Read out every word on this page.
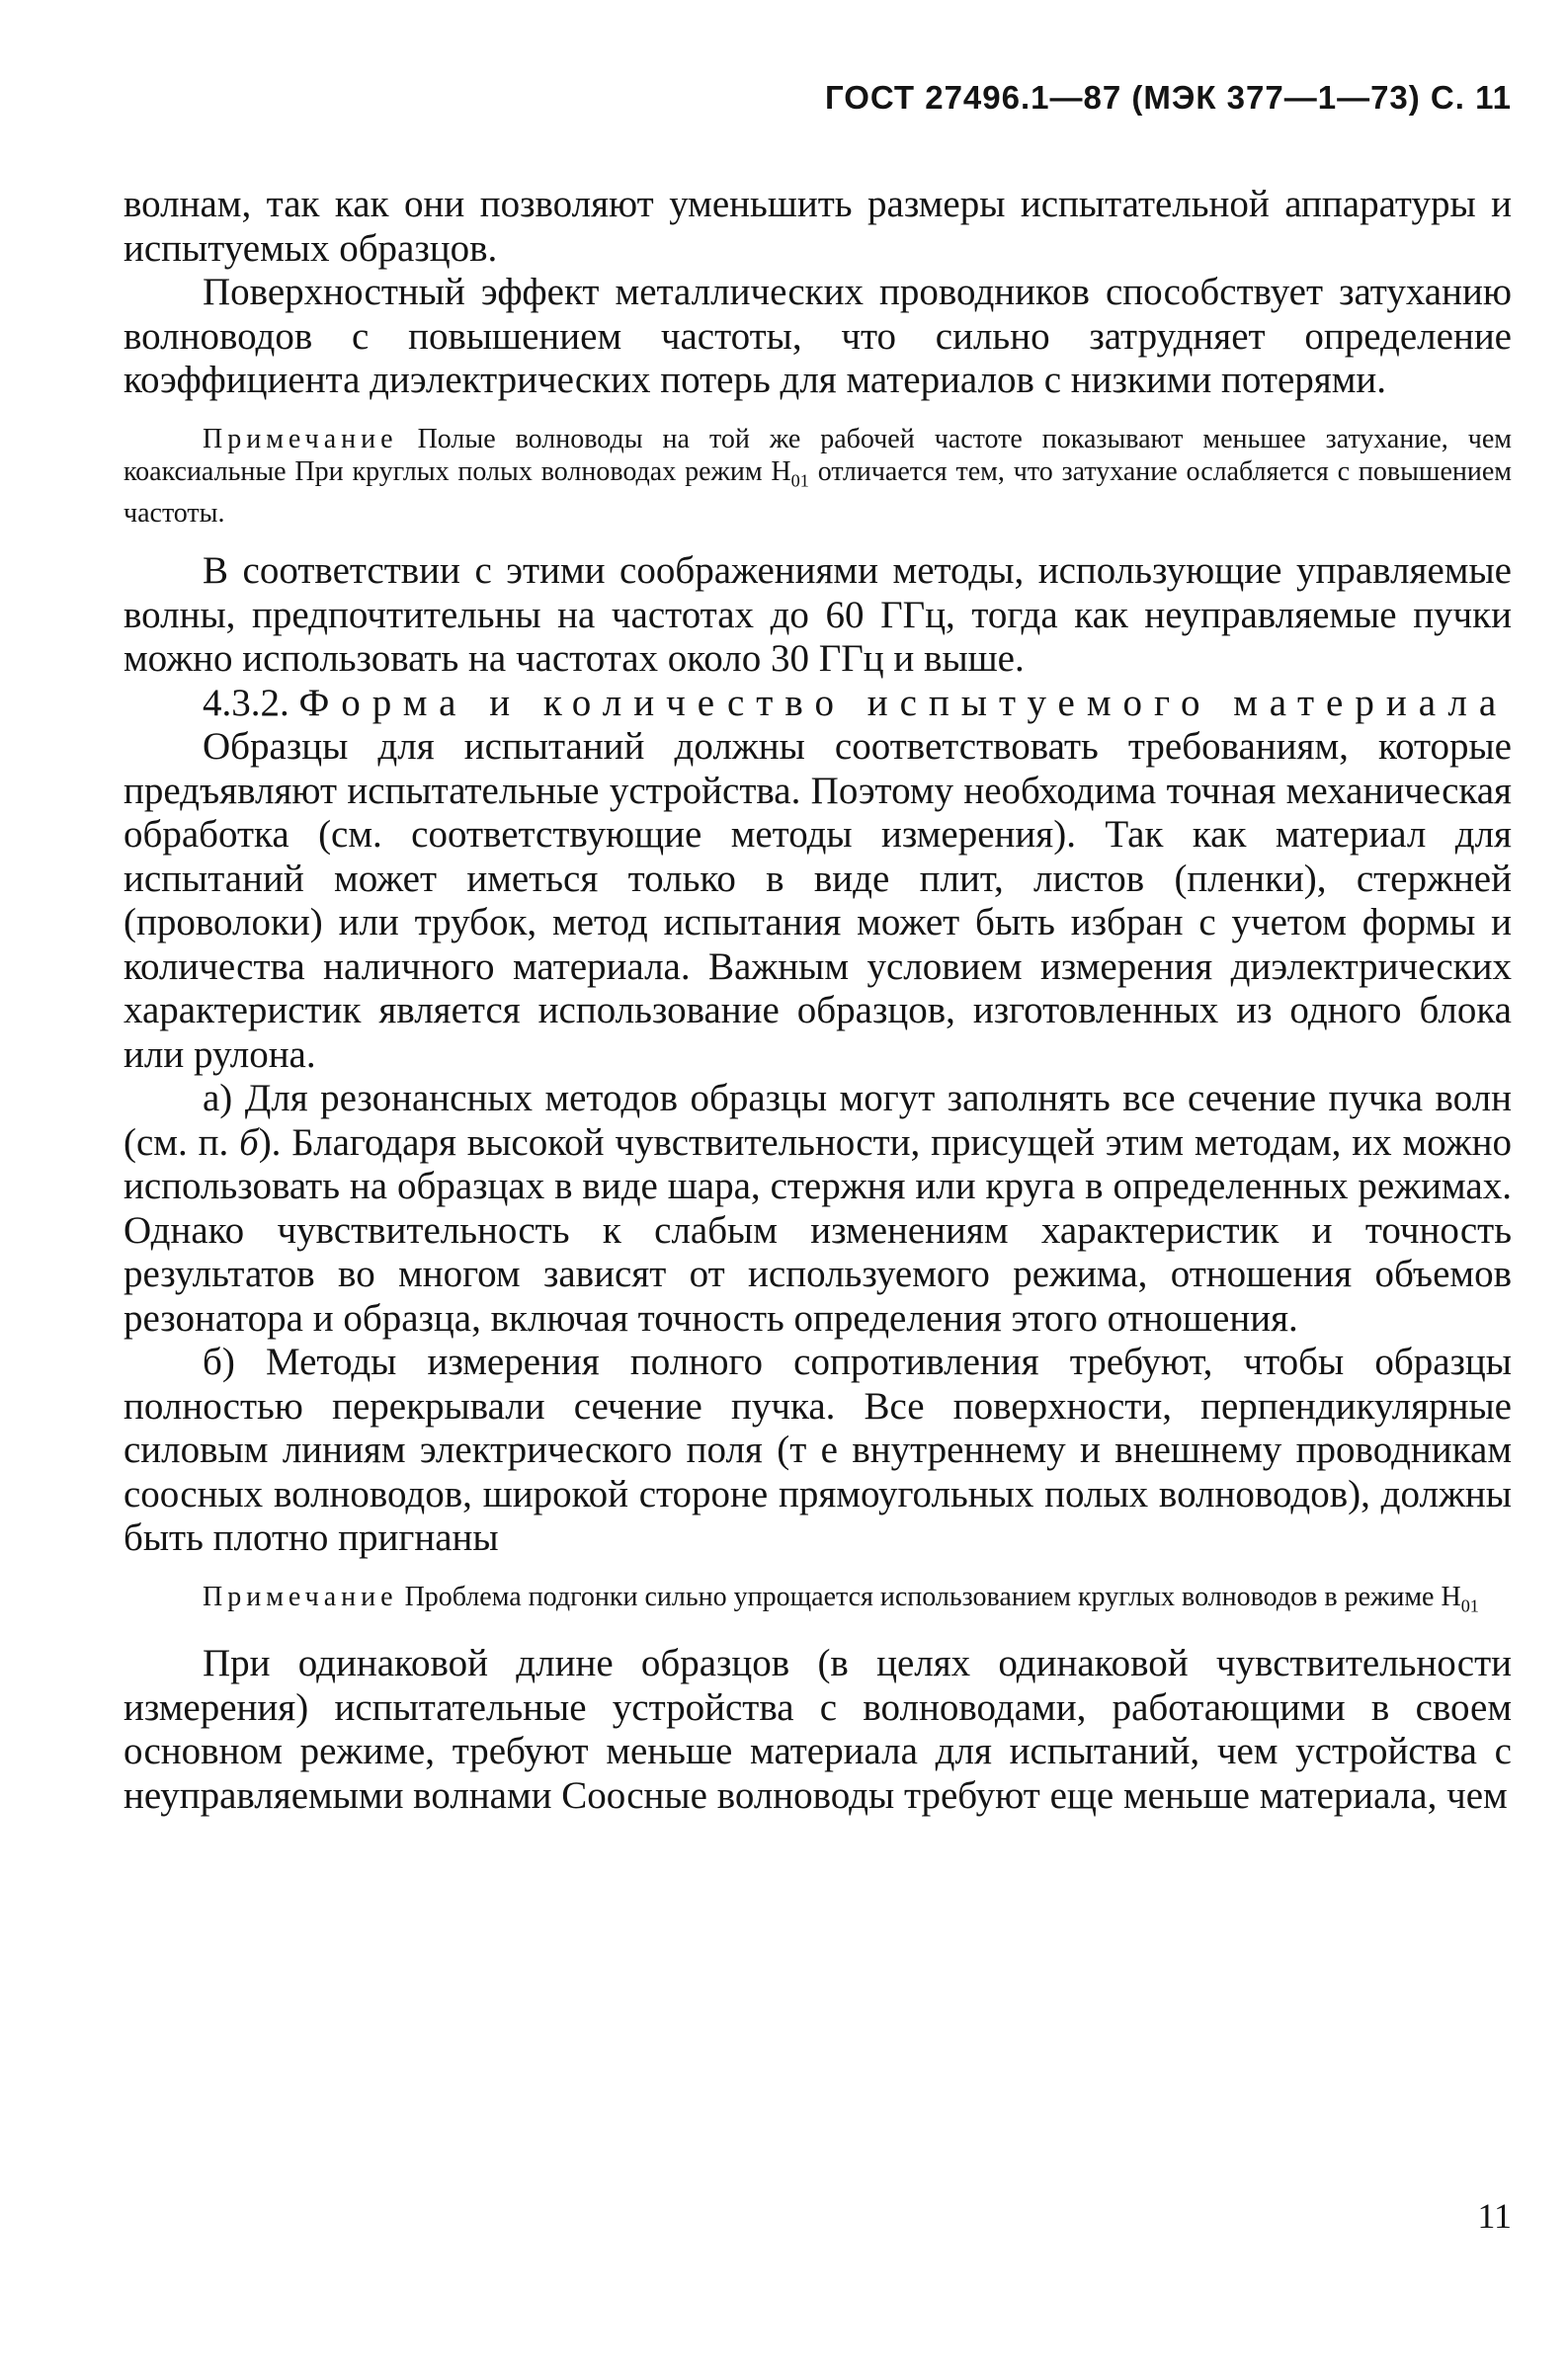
ГОСТ 27496.1—87 (МЭК 377—1—73) С. 11

волнам, так как они позволяют уменьшить размеры испытательной аппаратуры и испытуемых образцов.

Поверхностный эффект металлических проводников способствует затуханию волноводов с повышением частоты, что сильно затрудняет определение коэффициента диэлектрических потерь для материалов с низкими потерями.

Примечание Полые волноводы на той же рабочей частоте показывают меньшее затухание, чем коаксиальные При круглых полых волноводах режим $H_{01}$ отличается тем, что затухание ослабляется с повышением частоты.

В соответствии с этими соображениями методы, использующие управляемые волны, предпочтительны на частотах до 60 ГГц, тогда как неуправляемые пучки можно использовать на частотах около 30 ГГц и выше.

4.3.2. Форма и количество испытуемого материала

Образцы для испытаний должны соответствовать требованиям, которые предъявляют испытательные устройства. Поэтому необходима точная механическая обработка (см. соответствующие методы измерения). Так как материал для испытаний может иметься только в виде плит, листов (пленки), стержней (проволоки) или трубок, метод испытания может быть избран с учетом формы и количества наличного материала. Важным условием измерения диэлектрических характеристик является использование образцов, изготовленных из одного блока или рулона.

а) Для резонансных методов образцы могут заполнять все сечение пучка волн (см. п. б). Благодаря высокой чувствительности, присущей этим методам, их можно использовать на образцах в виде шара, стержня или круга в определенных режимах. Однако чувствительность к слабым изменениям характеристик и точность результатов во многом зависят от используемого режима, отношения объемов резонатора и образца, включая точность определения этого отношения.

б) Методы измерения полного сопротивления требуют, чтобы образцы полностью перекрывали сечение пучка. Все поверхности, перпендикулярные силовым линиям электрического поля (т е внутреннему и внешнему проводникам соосных волноводов, широкой стороне прямоугольных полых волноводов), должны быть плотно пригнаны

Примечание Проблема подгонки сильно упрощается использованием круглых волноводов в режиме $H_{01}$

При одинаковой длине образцов (в целях одинаковой чувствительности измерения) испытательные устройства с волноводами, работающими в своем основном режиме, требуют меньше материала для испытаний, чем устройства с неуправляемыми волнами Соосные волноводы требуют еще меньше материала, чем

11
